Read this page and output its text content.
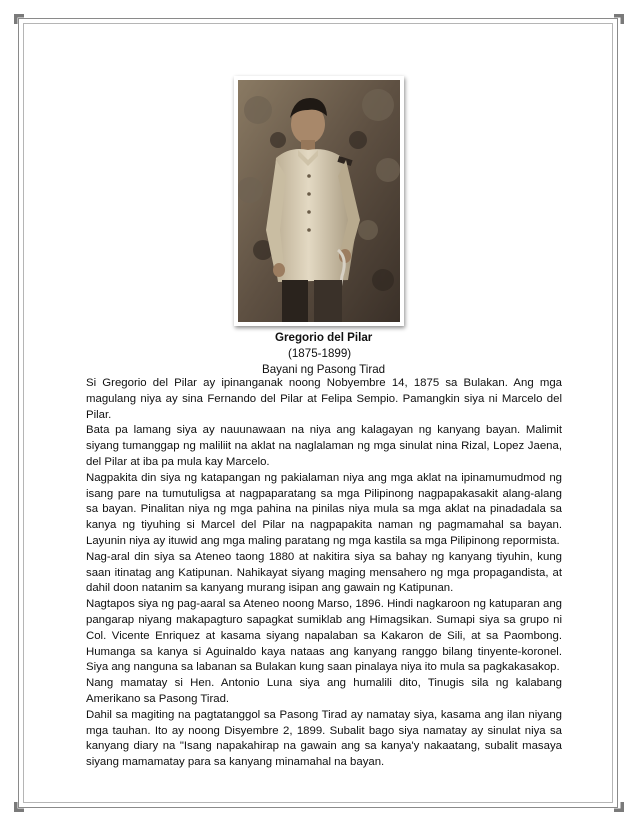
Gregorio del Pilar
(1875-1899)
Bayani ng Pasong Tirad

Si Gregorio del Pilar ay ipinanganak noong Nobyembre 14, 1875 sa Bulakan. Ang mga magulang niya ay sina Fernando del Pilar at Felipa Sempio. Pamangkin siya ni Marcelo del Pilar.

Bata pa lamang siya ay nauunawaan na niya ang kalagayan ng kanyang bayan. Malimit siyang tumanggap ng maliliit na aklat na naglalaman ng mga sinulat nina Rizal, Lopez Jaena, del Pilar at iba pa mula kay Marcelo.

Nagpakita din siya ng katapangan ng pakialaman niya ang mga aklat na ipinamumudmod ng isang pare na tumutuligsa at nagpaparatang sa mga Pilipinong nagpapakasakit alang-alang sa bayan. Pinalitan niya ng mga pahina na pinilas niya mula sa mga aklat na pinadadala sa kanya ng tiyuhing si Marcel del Pilar na nagpapakita naman ng pagmamahal sa bayan. Layunin niya ay ituwid ang mga maling paratang ng mga kastila sa mga Pilipinong repormista.

Nag-aral din siya sa Ateneo taong 1880 at nakitira siya sa bahay ng kanyang tiyuhin, kung saan itinatag ang Katipunan. Nahikayat siyang maging mensahero ng mga propagandista, at dahil doon natanim sa kanyang murang isipan ang gawain ng Katipunan.

Nagtapos siya ng pag-aaral sa Ateneo noong Marso, 1896. Hindi nagkaroon ng katuparan ang pangarap niyang makapagturo sapagkat sumiklab ang Himagsikan. Sumapi siya sa grupo ni Col. Vicente Enriquez at kasama siyang napalaban sa Kakaron de Sili, at sa Paombong. Humanga sa kanya si Aguinaldo kaya nataas ang kanyang ranggo bilang tinyente-koronel. Siya ang nanguna sa labanan sa Bulakan kung saan pinalaya niya ito mula sa pagkakasakop.

Nang mamatay si Hen. Antonio Luna siya ang humalili dito, Tinugis sila ng kalabang Amerikano sa Pasong Tirad.

Dahil sa magiting na pagtatanggol sa Pasong Tirad ay namatay siya, kasama ang ilan niyang mga tauhan. Ito ay noong Disyembre 2, 1899. Subalit bago siya namatay ay sinulat niya sa kanyang diary na "Isang napakahirap na gawain ang sa kanya'y nakaatang, subalit masaya siyang mamamatay para sa kanyang minamahal na bayan.
